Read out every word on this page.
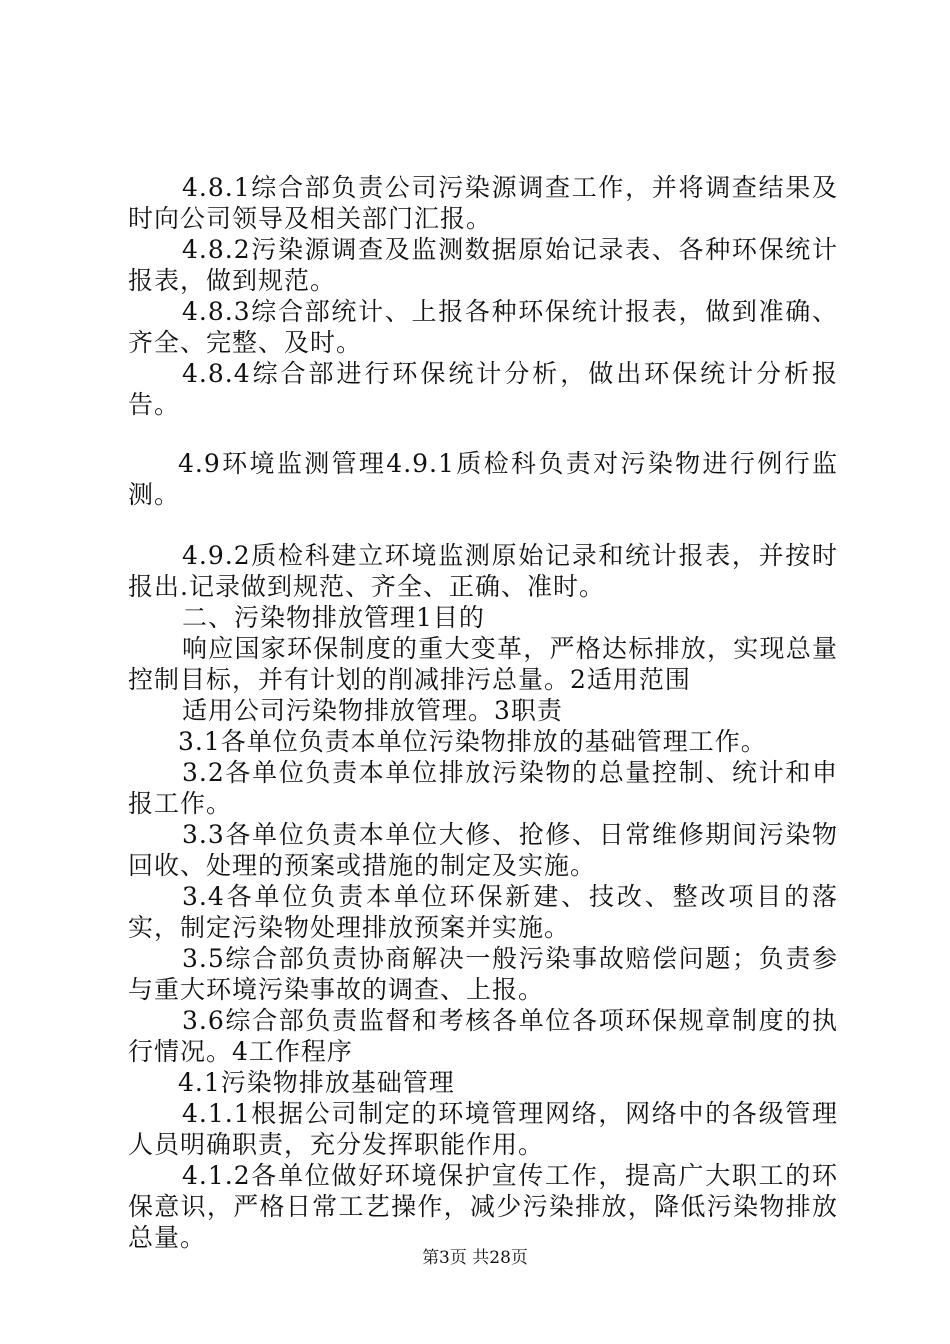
4.8.1综合部负责公司污染源调查工作，并将调查结果及时向公司领导及相关部门汇报。

4.8.2污染源调查及监测数据原始记录表、各种环保统计报表，做到规范。

4.8.3综合部统计、上报各种环保统计报表，做到准确、齐全、完整、及时。

4.8.4综合部进行环保统计分析，做出环保统计分析报告。

4.9环境监测管理4.9.1质检科负责对污染物进行例行监测。

4.9.2质检科建立环境监测原始记录和统计报表，并按时报出.记录做到规范、齐全、正确、准时。

二、污染物排放管理1目的

响应国家环保制度的重大变革，严格达标排放，实现总量控制目标，并有计划的削减排污总量。2适用范围

适用公司污染物排放管理。3职责

3.1各单位负责本单位污染物排放的基础管理工作。

3.2各单位负责本单位排放污染物的总量控制、统计和申报工作。

3.3各单位负责本单位大修、抢修、日常维修期间污染物回收、处理的预案或措施的制定及实施。

3.4各单位负责本单位环保新建、技改、整改项目的落实，制定污染物处理排放预案并实施。

3.5综合部负责协商解决一般污染事故赔偿问题；负责参与重大环境污染事故的调查、上报。

3.6综合部负责监督和考核各单位各项环保规章制度的执行情况。4工作程序

4.1污染物排放基础管理

4.1.1根据公司制定的环境管理网络，网络中的各级管理人员明确职责，充分发挥职能作用。

4.1.2各单位做好环境保护宣传工作，提高广大职工的环保意识，严格日常工艺操作，减少污染排放，降低污染物排放总量。

第3页 共28页
